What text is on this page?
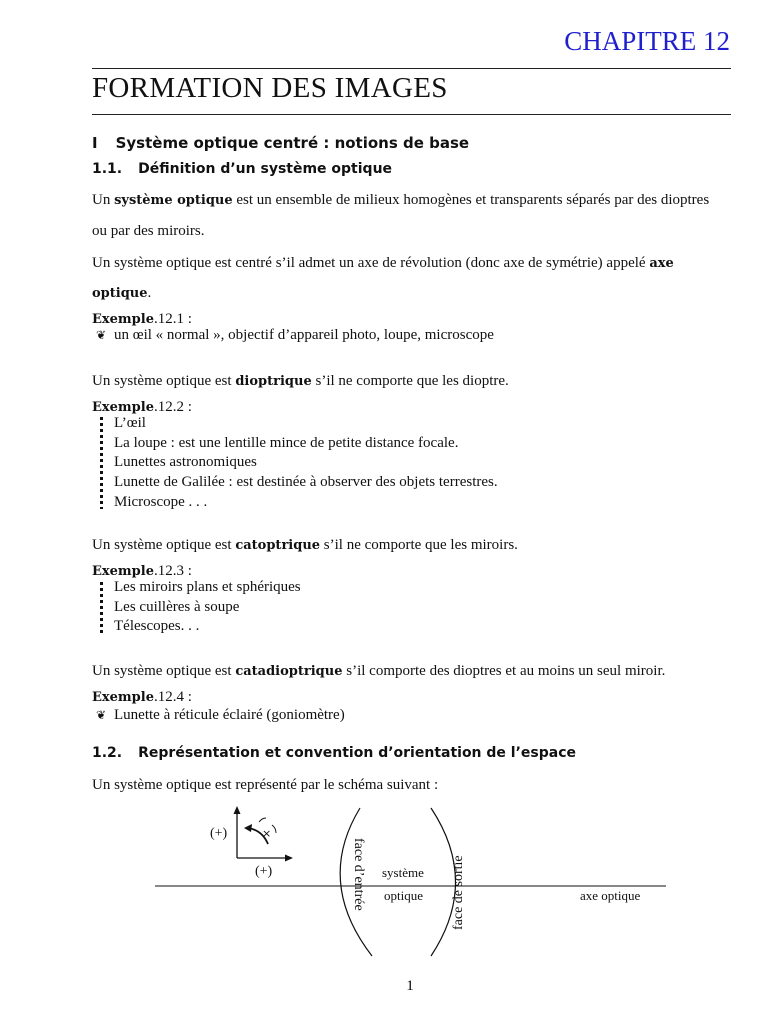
CHAPITRE 12
FORMATION DES IMAGES
I Système optique centré : notions de base
1.1. Définition d’un système optique
Un système optique est un ensemble de milieux homogènes et transparents séparés par des dioptres
ou par des miroirs.
Un système optique est centré s’il admet un axe de révolution (donc axe de symétrie) appelé axe
optique.
Exemple.12.1 :
❦ un œil « normal », objectif d’appareil photo, loupe, microscope
Un système optique est dioptrique s’il ne comporte que les dioptre.
Exemple.12.2 :
L’œil
La loupe : est une lentille mince de petite distance focale.
Lunettes astronomiques
Lunette de Galilée : est destinée à observer des objets terrestres.
Microscope . . .
Un système optique est catoptrique s’il ne comporte que les miroirs.
Exemple.12.3 :
Les miroirs plans et sphériques
Les cuillères à soupe
Télescopes. . .
Un système optique est catadioptrique s’il comporte des dioptres et au moins un seul miroir.
Exemple.12.4 :
❦ Lunette à réticule éclairé (goniomètre)
1.2. Représentation et convention d’orientation de l’espace
Un système optique est représenté par le schéma suivant :
(+)
(+)
×
face d’entrée	face de sortie
système
optique	axe optique
1
